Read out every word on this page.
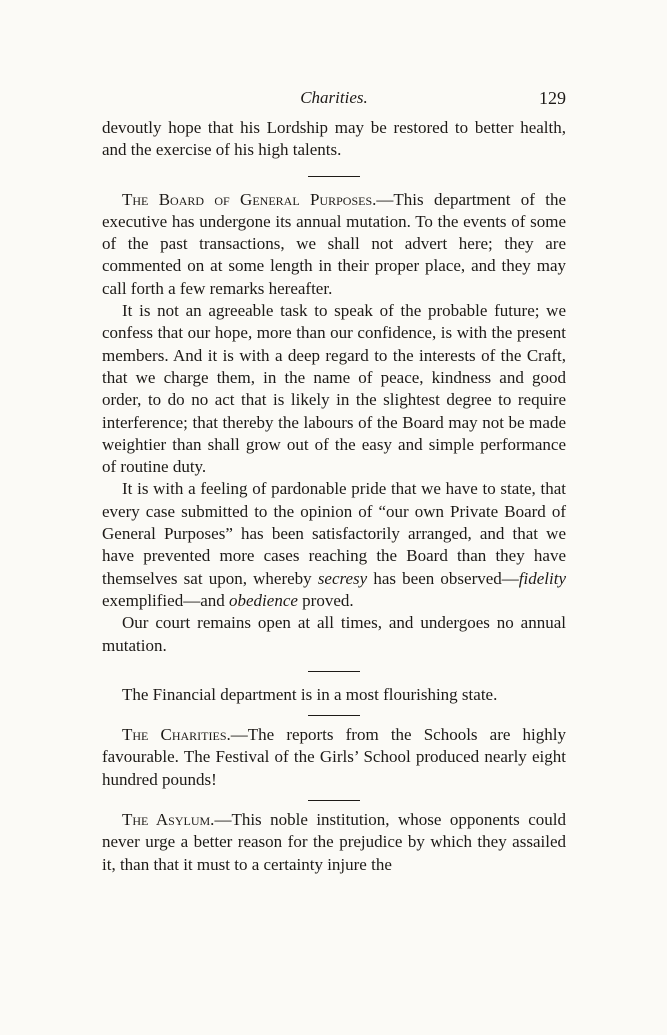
Charities.	129

devoutly hope that his Lordship may be restored to better health, and the exercise of his high talents.

The Board of General Purposes.—This department of the executive has undergone its annual mutation. To the events of some of the past transactions, we shall not advert here; they are commented on at some length in their proper place, and they may call forth a few remarks hereafter.

It is not an agreeable task to speak of the probable future; we confess that our hope, more than our confidence, is with the present members. And it is with a deep regard to the interests of the Craft, that we charge them, in the name of peace, kindness and good order, to do no act that is likely in the slightest degree to require interference; that thereby the labours of the Board may not be made weightier than shall grow out of the easy and simple performance of routine duty.

It is with a feeling of pardonable pride that we have to state, that every case submitted to the opinion of “our own Private Board of General Purposes” has been satisfactorily arranged, and that we have prevented more cases reaching the Board than they have themselves sat upon, whereby secresy has been observed—fidelity exemplified—and obedience proved.

Our court remains open at all times, and undergoes no annual mutation.

The Financial department is in a most flourishing state.

The Charities.—The reports from the Schools are highly favourable. The Festival of the Girls’ School produced nearly eight hundred pounds!

The Asylum.—This noble institution, whose opponents could never urge a better reason for the prejudice by which they assailed it, than that it must to a certainty injure the
